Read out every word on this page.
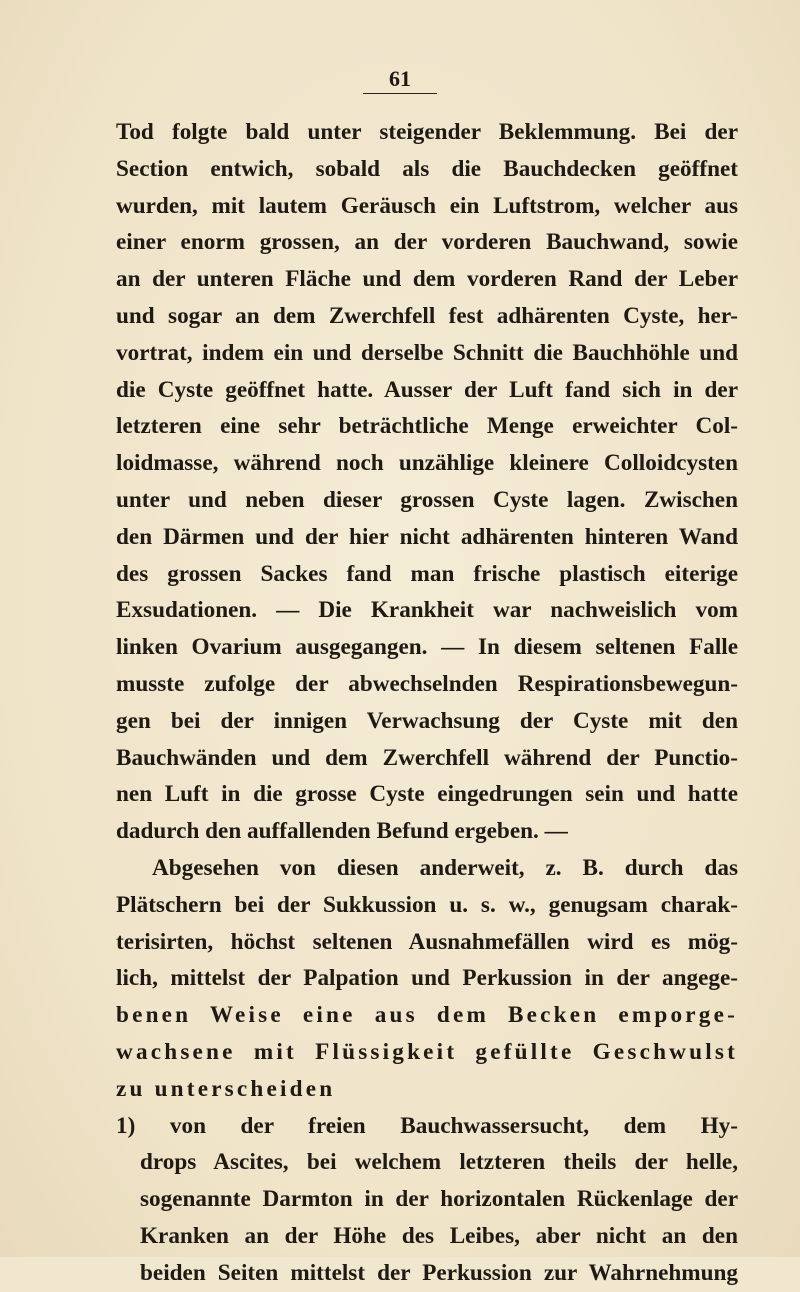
61
Tod folgte bald unter steigender Beklemmung. Bei der
Section entwich, sobald als die Bauchdecken geöffnet
wurden, mit lautem Geräusch ein Luftstrom, welcher aus
einer enorm grossen, an der vorderen Bauchwand, sowie
an der unteren Fläche und dem vorderen Rand der Leber
und sogar an dem Zwerchfell fest adhärenten Cyste, her-
vortrat, indem ein und derselbe Schnitt die Bauchhöhle und
die Cyste geöffnet hatte. Ausser der Luft fand sich in der
letzteren eine sehr beträchtliche Menge erweichter Col-
loidmasse, während noch unzählige kleinere Colloidcysten
unter und neben dieser grossen Cyste lagen. Zwischen
den Därmen und der hier nicht adhärenten hinteren Wand
des grossen Sackes fand man frische plastisch eiterige
Exsudationen. — Die Krankheit war nachweislich vom
linken Ovarium ausgegangen. — In diesem seltenen Falle
musste zufolge der abwechselnden Respirationsbewegun-
gen bei der innigen Verwachsung der Cyste mit den
Bauchwänden und dem Zwerchfell während der Punctio-
nen Luft in die grosse Cyste eingedrungen sein und hatte
dadurch den auffallenden Befund ergeben. —
Abgesehen von diesen anderweit, z. B. durch das
Plätschern bei der Sukkussion u. s. w., genugsam charak-
terisirten, höchst seltenen Ausnahmefällen wird es mög-
lich, mittelst der Palpation und Perkussion in der angege-
benen Weise eine aus dem Becken emporge-
wachsene mit Flüssigkeit gefüllte Geschwulst
zu unterscheiden
1) von der freien Bauchwassersucht, dem Hy-
drops Ascites, bei welchem letzteren theils der helle,
sogenannte Darmton in der horizontalen Rückenlage der
Kranken an der Höhe des Leibes, aber nicht an den
beiden Seiten mittelst der Perkussion zur Wahrnehmung
